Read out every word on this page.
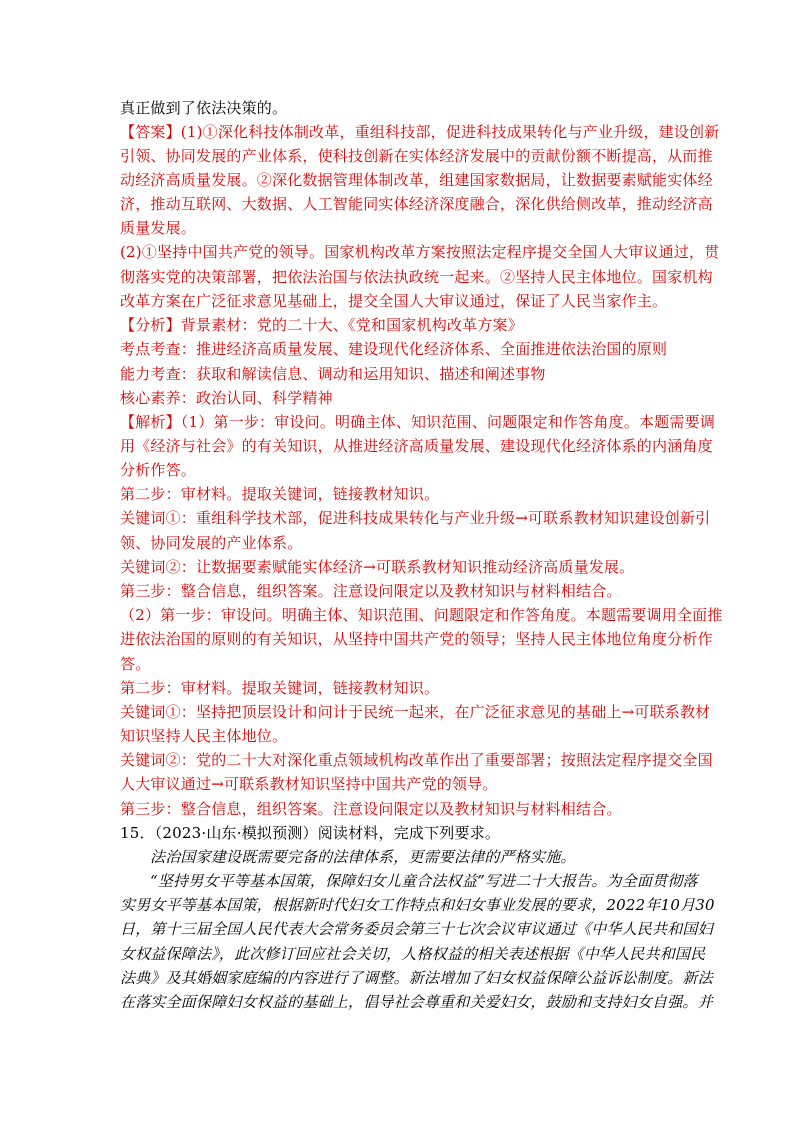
真正做到了依法决策的。
【答案】(1)①深化科技体制改革，重组科技部，促进科技成果转化与产业升级，建设创新
引领、协同发展的产业体系，使科技创新在实体经济发展中的贡献份额不断提高，从而推
动经济高质量发展。②深化数据管理体制改革，组建国家数据局，让数据要素赋能实体经
济，推动互联网、大数据、人工智能同实体经济深度融合，深化供给侧改革，推动经济高
质量发展。
(2)①坚持中国共产党的领导。国家机构改革方案按照法定程序提交全国人大审议通过，贯
彻落实党的决策部署，把依法治国与依法执政统一起来。②坚持人民主体地位。国家机构
改革方案在广泛征求意见基础上，提交全国人大审议通过，保证了人民当家作主。
【分析】背景素材：党的二十大、《党和国家机构改革方案》
考点考查：推进经济高质量发展、建设现代化经济体系、全面推进依法治国的原则
能力考查：获取和解读信息、调动和运用知识、描述和阐述事物
核心素养：政治认同、科学精神
【解析】（1）第一步：审设问。明确主体、知识范围、问题限定和作答角度。本题需要调
用《经济与社会》的有关知识，从推进经济高质量发展、建设现代化经济体系的内涵角度
分析作答。
第二步：审材料。提取关键词，链接教材知识。
关键词①：重组科学技术部，促进科技成果转化与产业升级→可联系教材知识建设创新引
领、协同发展的产业体系。
关键词②：让数据要素赋能实体经济→可联系教材知识推动经济高质量发展。
第三步：整合信息，组织答案。注意设问限定以及教材知识与材料相结合。
（2）第一步：审设问。明确主体、知识范围、问题限定和作答角度。本题需要调用全面推
进依法治国的原则的有关知识，从坚持中国共产党的领导；坚持人民主体地位角度分析作
答。
第二步：审材料。提取关键词，链接教材知识。
关键词①：坚持把顶层设计和问计于民统一起来，在广泛征求意见的基础上→可联系教材
知识坚持人民主体地位。
关键词②：党的二十大对深化重点领域机构改革作出了重要部署；按照法定程序提交全国
人大审议通过→可联系教材知识坚持中国共产党的领导。
第三步：整合信息，组织答案。注意设问限定以及教材知识与材料相结合。
15．（2023·山东·模拟预测）阅读材料，完成下列要求。
法治国家建设既需要完备的法律体系，更需要法律的严格实施。
“坚持男女平等基本国策，保障妇女儿童合法权益”写进二十大报告。为全面贯彻落
实男女平等基本国策，根据新时代妇女工作特点和妇女事业发展的要求，2022年10月30
日，第十三届全国人民代表大会常务委员会第三十七次会议审议通过《中华人民共和国妇
女权益保障法》，此次修订回应社会关切，人格权益的相关表述根据《中华人民共和国民
法典》及其婚姻家庭编的内容进行了调整。新法增加了妇女权益保障公益诉讼制度。新法
在落实全面保障妇女权益的基础上，倡导社会尊重和关爱妇女，鼓励和支持妇女自强。并
